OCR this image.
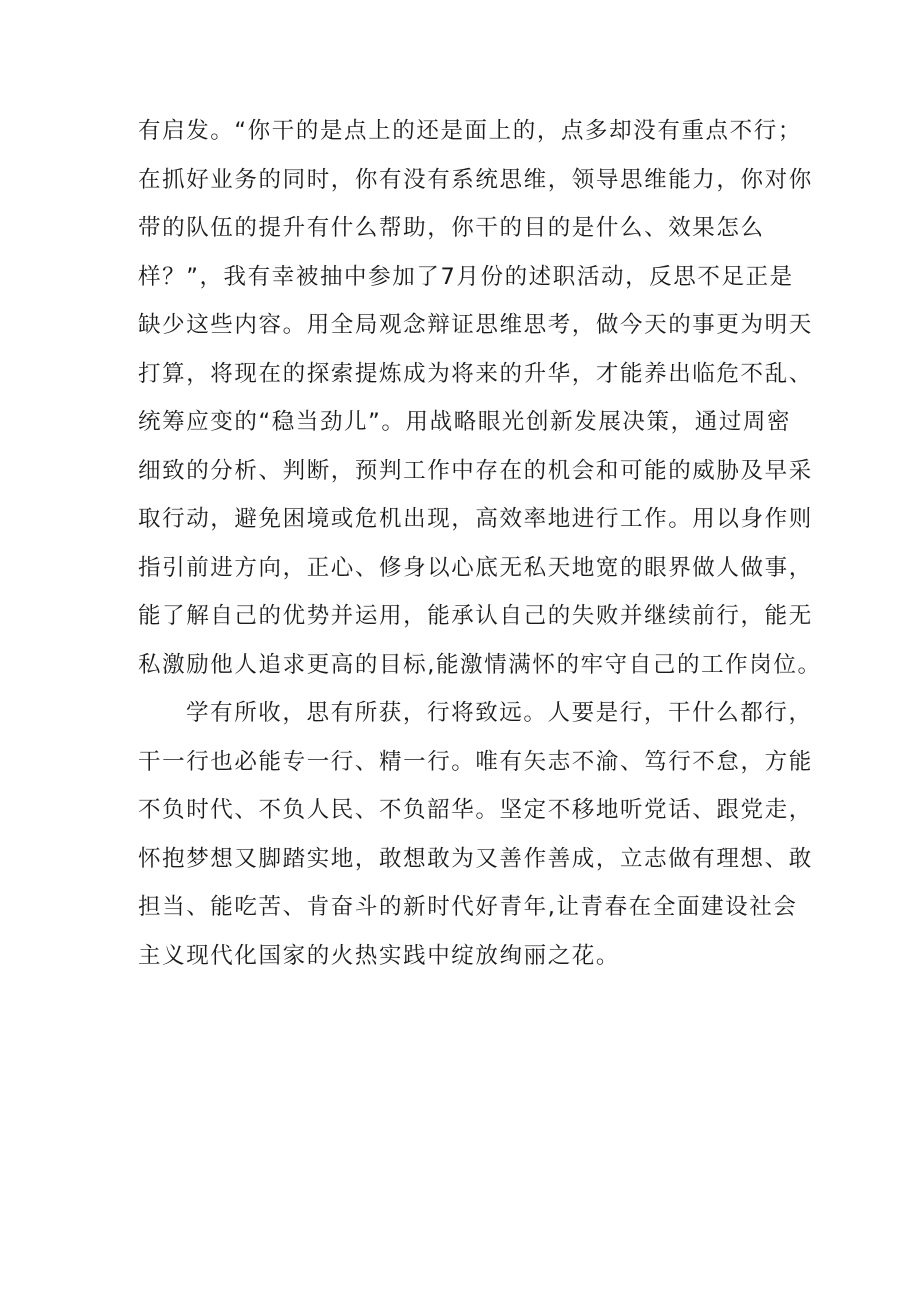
有启发。“你干的是点上的还是面上的，点多却没有重点不行；
在抓好业务的同时，你有没有系统思维，领导思维能力，你对你
带的队伍的提升有什么帮助，你干的目的是什么、效果怎么
样？”，我有幸被抽中参加了7月份的述职活动，反思不足正是
缺少这些内容。用全局观念辩证思维思考，做今天的事更为明天
打算，将现在的探索提炼成为将来的升华，才能养出临危不乱、
统筹应变的“稳当劲儿”。用战略眼光创新发展决策，通过周密
细致的分析、判断，预判工作中存在的机会和可能的威胁及早采
取行动，避免困境或危机出现，高效率地进行工作。用以身作则
指引前进方向，正心、修身以心底无私天地宽的眼界做人做事，
能了解自己的优势并运用，能承认自己的失败并继续前行，能无
私激励他人追求更高的目标,能激情满怀的牢守自己的工作岗位。
学有所收，思有所获，行将致远。人要是行，干什么都行，
干一行也必能专一行、精一行。唯有矢志不渝、笃行不怠，方能
不负时代、不负人民、不负韶华。坚定不移地听党话、跟党走，
怀抱梦想又脚踏实地，敢想敢为又善作善成，立志做有理想、敢
担当、能吃苦、肯奋斗的新时代好青年,让青春在全面建设社会
主义现代化国家的火热实践中绽放绚丽之花。
